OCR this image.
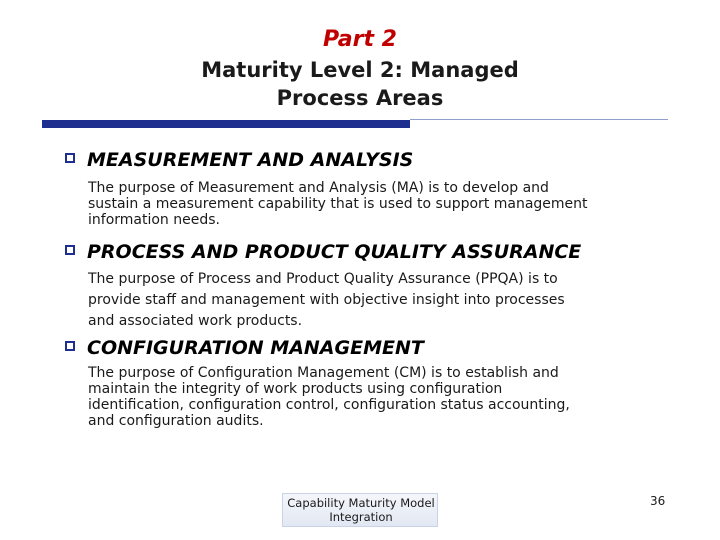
Part 2
Maturity Level 2: Managed
Process Areas
MEASUREMENT AND ANALYSIS
The purpose of Measurement and Analysis (MA) is to develop and
sustain a measurement capability that is used to support management
information needs.
PROCESS AND PRODUCT QUALITY ASSURANCE
The purpose of Process and Product Quality Assurance (PPQA) is to
provide staff and management with objective insight into processes
and associated work products.
CONFIGURATION MANAGEMENT
The purpose of Configuration Management (CM) is to establish and
maintain the integrity of work products using configuration
identification, configuration control, configuration status accounting,
and configuration audits.
Capability Maturity Model
Integration
36
